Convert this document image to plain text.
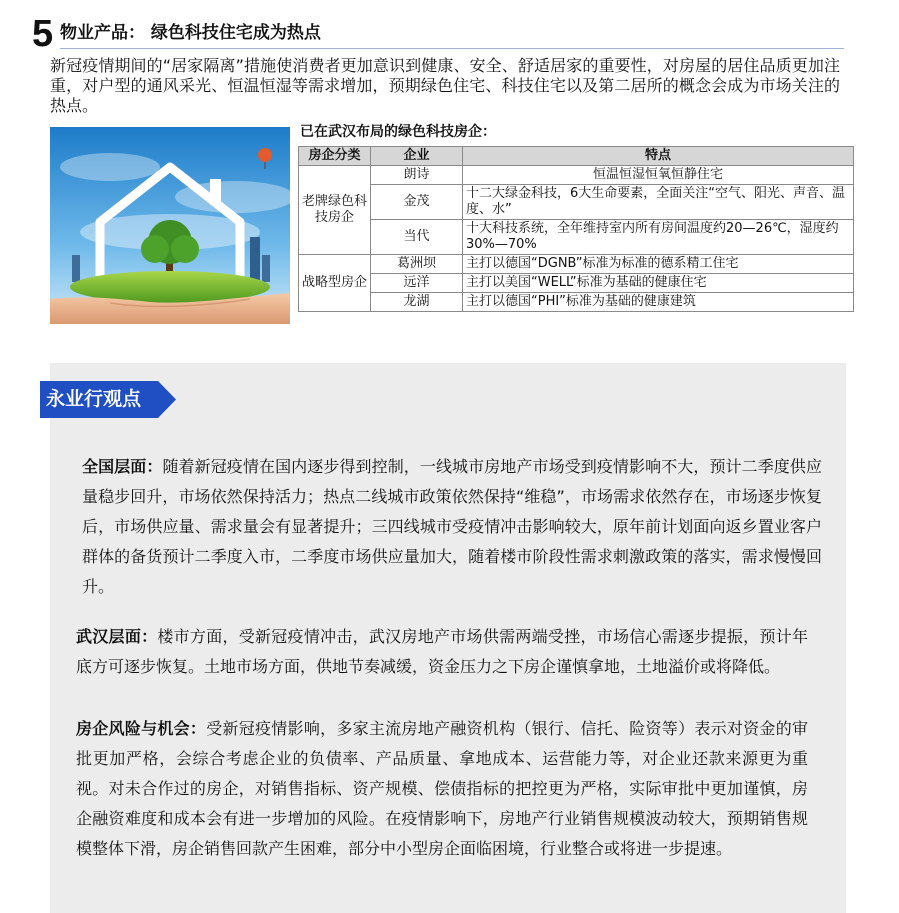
5 物业产品： 绿色科技住宅成为热点

新冠疫情期间的“居家隔离”措施使消费者更加意识到健康、安全、舒适居家的重要性，对房屋的居住品质更加注重，对户型的通风采光、恒温恒湿等需求增加，预期绿色住宅、科技住宅以及第二居所的概念会成为市场关注的热点。

已在武汉布局的绿色科技房企：
房企分类	企业	特点
老牌绿色科技房企	朗诗	恒温恒湿恒氧恒静住宅
	金茂	十二大绿金科技，6大生命要素，全面关注“空气、阳光、声音、温度、水”
	当代	十大科技系统，全年维持室内所有房间温度约20—26℃，湿度约30%—70%
战略型房企	葛洲坝	主打以德国“DGNB”标准为标准的德系精工住宅
	远洋	主打以美国“WELL”标准为基础的健康住宅
	龙湖	主打以德国“PHI”标准为基础的健康建筑
永业行观点

全国层面：随着新冠疫情在国内逐步得到控制，一线城市房地产市场受到疫情影响不大，预计二季度供应量稳步回升，市场依然保持活力；热点二线城市政策依然保持“维稳”，市场需求依然存在，市场逐步恢复后，市场供应量、需求量会有显著提升；三四线城市受疫情冲击影响较大，原年前计划面向返乡置业客户群体的备货预计二季度入市，二季度市场供应量加大，随着楼市阶段性需求刺激政策的落实，需求慢慢回升。

武汉层面：楼市方面，受新冠疫情冲击，武汉房地产市场供需两端受挫，市场信心需逐步提振，预计年底方可逐步恢复。土地市场方面，供地节奏减缓，资金压力之下房企谨慎拿地，土地溢价或将降低。

房企风险与机会：受新冠疫情影响，多家主流房地产融资机构（银行、信托、险资等）表示对资金的审批更加严格，会综合考虑企业的负债率、产品质量、拿地成本、运营能力等，对企业还款来源更为重视。对未合作过的房企，对销售指标、资产规模、偿债指标的把控更为严格，实际审批中更加谨慎，房企融资难度和成本会有进一步增加的风险。在疫情影响下，房地产行业销售规模波动较大，预期销售规模整体下滑，房企销售回款产生困难，部分中小型房企面临困境，行业整合或将进一步提速。
